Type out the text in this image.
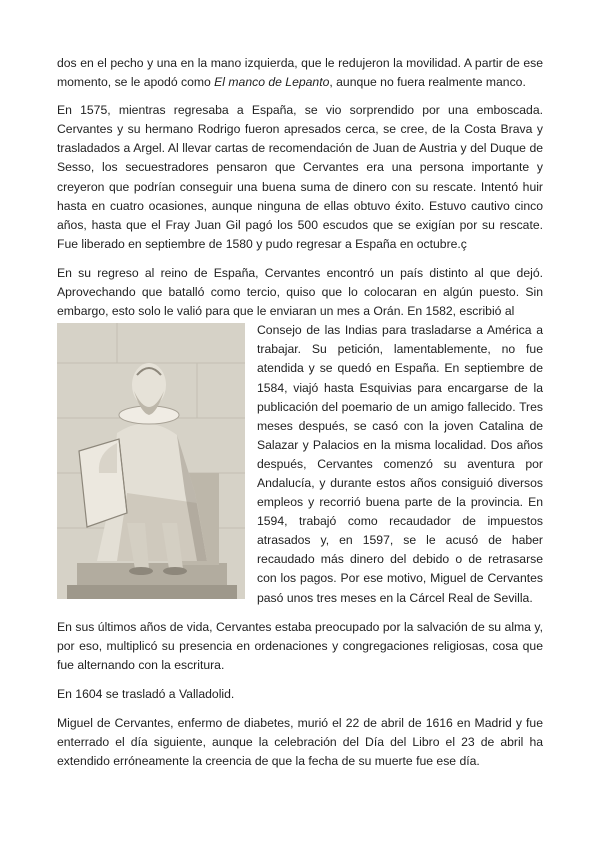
dos en el pecho y una en la mano izquierda, que le redujeron la movilidad. A partir de ese momento, se le apodó como El manco de Lepanto, aunque no fuera realmente manco.

En 1575, mientras regresaba a España, se vio sorprendido por una emboscada. Cervantes y su hermano Rodrigo fueron apresados cerca, se cree, de la Costa Brava y trasladados a Argel. Al llevar cartas de recomendación de Juan de Austria y del Duque de Sesso, los secuestradores pensaron que Cervantes era una persona importante y creyeron que podrían conseguir una buena suma de dinero con su rescate. Intentó huir hasta en cuatro ocasiones, aunque ninguna de ellas obtuvo éxito. Estuvo cautivo cinco años, hasta que el Fray Juan Gil pagó los 500 escudos que se exigían por su rescate. Fue liberado en septiembre de 1580 y pudo regresar a España en octubre.ç

En su regreso al reino de España, Cervantes encontró un país distinto al que dejó. Aprovechando que batalló como tercio, quiso que lo colocaran en algún puesto. Sin embargo, esto solo le valió para que le enviaran un mes a Orán. En 1582, escribió al

Consejo de las Indias para trasladarse a América a trabajar. Su petición, lamentablemente, no fue atendida y se quedó en España. En septiembre de 1584, viajó hasta Esquivias para encargarse de la publicación del poemario de un amigo fallecido. Tres meses después, se casó con la joven Catalina de Salazar y Palacios en la misma localidad. Dos años después, Cervantes comenzó su aventura por Andalucía, y durante estos años consiguió diversos empleos y recorrió buena parte de la provincia. En 1594, trabajó como recaudador de impuestos atrasados y, en 1597, se le acusó de haber recaudado más dinero del debido o de retrasarse con los pagos. Por ese motivo, Miguel de Cervantes pasó unos tres meses en la Cárcel Real de Sevilla.

En sus últimos años de vida, Cervantes estaba preocupado por la salvación de su alma y, por eso, multiplicó su presencia en ordenaciones y congregaciones religiosas, cosa que fue alternando con la escritura.

En 1604 se trasladó a Valladolid.

Miguel de Cervantes, enfermo de diabetes, murió el 22 de abril de 1616 en Madrid y fue enterrado el día siguiente, aunque la celebración del Día del Libro el 23 de abril ha extendido erróneamente la creencia de que la fecha de su muerte fue ese día.
